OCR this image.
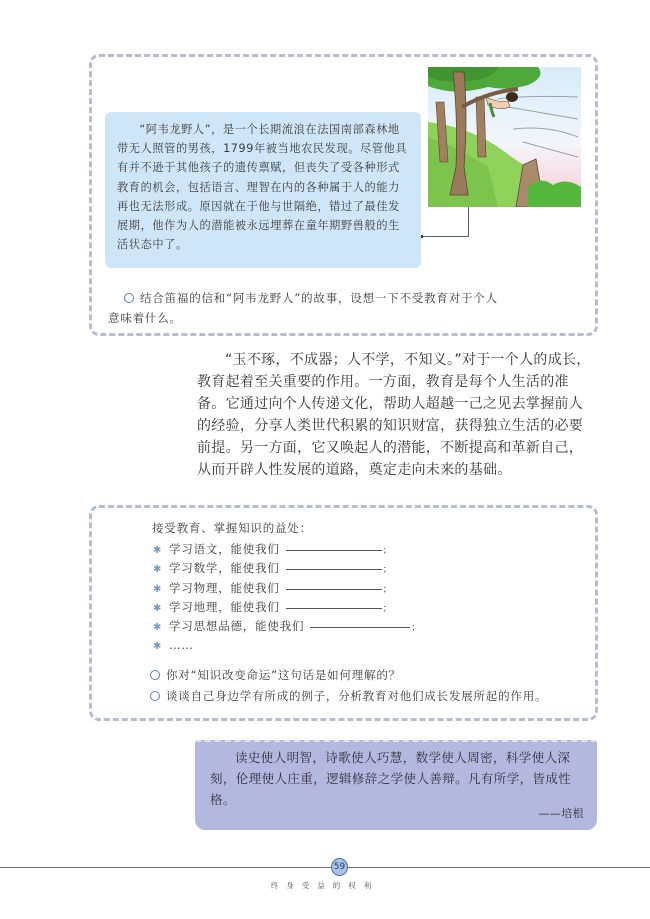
“阿韦龙野人”，是一个长期流浪在法国南部森林地带无人照管的男孩，1799年被当地农民发现。尽管他具有并不逊于其他孩子的遗传禀赋，但丧失了受各种形式教育的机会，包括语言、理智在内的各种属于人的能力再也无法形成。原因就在于他与世隔绝，错过了最佳发展期，他作为人的潜能被永远埋葬在童年期野兽般的生活状态中了。
结合笛福的信和“阿韦龙野人”的故事，设想一下不受教育对于个人
意味着什么。

“玉不琢，不成器；人不学，不知义。”对于一个人的成长，教育起着至关重要的作用。一方面，教育是每个人生活的准备。它通过向个人传递文化，帮助人超越一己之见去掌握前人的经验，分享人类世代积累的知识财富，获得独立生活的必要前提。另一方面，它又唤起人的潜能，不断提高和革新自己，从而开辟人性发展的道路，奠定走向未来的基础。

接受教育、掌握知识的益处：
✱ 学习语文，能使我们	；
✱ 学习数学，能使我们	；
✱ 学习物理，能使我们	；
✱ 学习地理，能使我们	；
✱ 学习思想品德，能使我们	；
✱ ……
你对“知识改变命运”这句话是如何理解的？
谈谈自己身边学有所成的例子，分析教育对他们成长发展所起的作用。
读史使人明智，诗歌使人巧慧，数学使人周密，科学使人深刻，伦理使人庄重，逻辑修辞之学使人善辩。凡有所学，皆成性格。
——培根
59
终身受益的权利
